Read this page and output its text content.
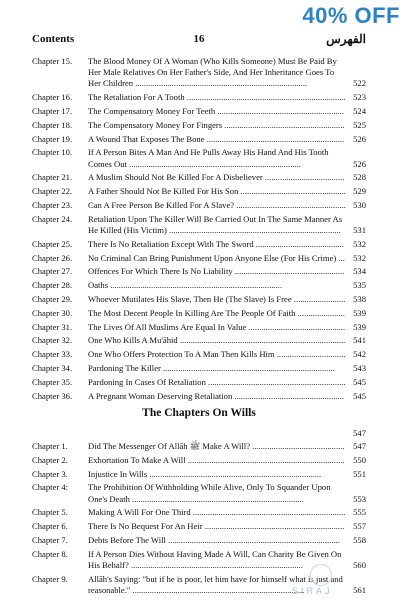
40% OFF
Contents	16	الفهرس
Chapter 15.	The Blood Money Of A Woman (Who Kills Someone) Must Be Paid By Her Male Relatives On Her Father's Side, And Her Inheritance Goes To Her Children ................................................................................	522
Chapter 16.	The Retaliation For A Tooth .......................................................................... 523
Chapter 17.	The Compensatory Money For Teeth ...........................................................	524
Chapter 18.	The Compensatory Money For Fingers ........................................................ 525
Chapter 19.	A Wound That Exposes The Bone ................................................................	526
Chapter 10.	If A Person Bites A Man And He Pulls Away His Hand And His Tooth Comes Out ................................................................................	526
Chapter 21.	A Muslim Should Not Be Killed For A Disbeliever .....................................	528
Chapter 22.	A Father Should Not Be Killed For His Son ................................................. 529
Chapter 23.	Can A Free Person Be Killed For A Slave? ................................................... 530
Chapter 24.	Retaliation Upon The Killer Will Be Carried Out In The Same Manner As He Killed (His Victim) ................................................................................	531
Chapter 25.	There Is No Retaliation Except With The Sword .........................................	532
Chapter 26.	No Criminal Can Bring Punishment Upon Anyone Else (For His Crime) ... 532
Chapter 27.	Offences For Which There Is No Liability ...................................................	534
Chapter 28.	Oaths ................................................................................	535
Chapter 29.	Whoever Mutilates His Slave, Then He (The Slave) Is Free ........................ 538
Chapter 30.	The Most Decent People In Killing Are The People Of Faith ...................... 539
Chapter 31.	The Lives Of All Muslims Are Equal In Value ............................................. 539
Chapter 32.	One Who Kills A Mu'āhid ............................................................................. 541
Chapter 33.	One Who Offers Protection To A Man Then Kills Him ................................ 542
Chapter 34.	Pardoning The Killer ................................................................................	543
Chapter 35.	Pardoning In Cases Of Retaliation ................................................................ 545
Chapter 36.	A Pregnant Woman Deserving Retaliation ...................................................	545
The Chapters On Wills
547
Chapter 1.	Did The Messenger Of Allāh ﷺ Make A Will? ........................................... 547
Chapter 2.	Exhortation To Make A Will ......................................................................... 550
Chapter 3.	Injustice In Wills ................................................................................	551
Chapter 4:	The Prohibition Of Withholding While Alive, Only To Squander Upon One's Death ................................................................................	553
Chapter 5.	Making A Will For One Third ....................................................................... 555
Chapter 6.	There Is No Bequest For An Heir .................................................................	557
Chapter 7.	Debts Before The Will ................................................................................	558
Chapter 8.	If A Person Dies Without Having Made A Will, Can Charity Be Given On His Behalf? ................................................................................	560
Chapter 9.	Allāh's Saying: "but if he is poor, let him have for himself what is just and reasonable." ................................................................................	561
SIRAJ
